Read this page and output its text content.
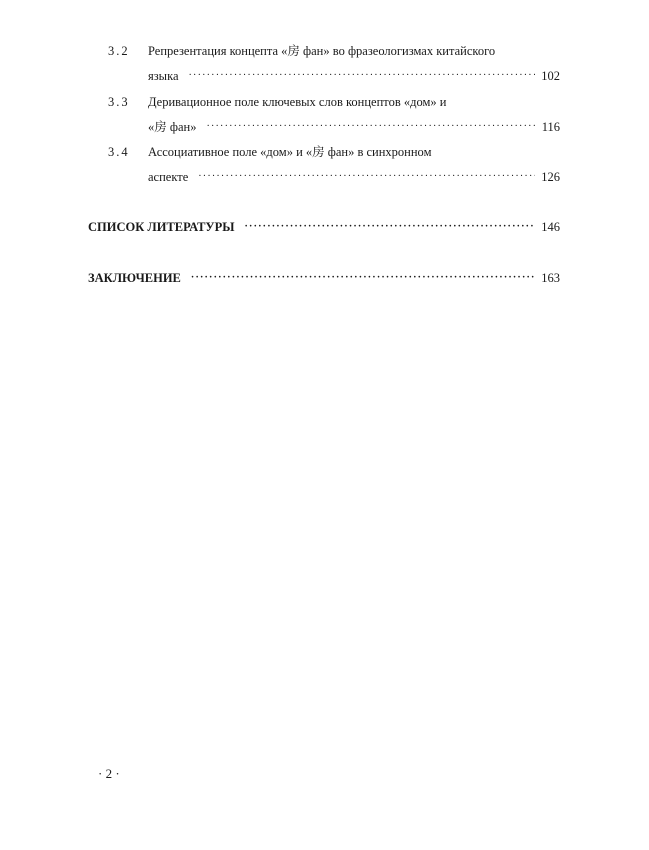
3.2 Репрезентация концепта «房 фан» во фразеологизмах китайского
языка ·····	102
3.3 Деривационное поле ключевых слов концептов «дом» и
«房 фан» ·····	116
3.4 Ассоциативное поле «дом» и «房 фан» в синхронном
аспекте ·····	126
СПИСОК ЛИТЕРАТУРЫ ·····	146
ЗАКЛЮЧЕНИЕ ·····	163
· 2 ·
